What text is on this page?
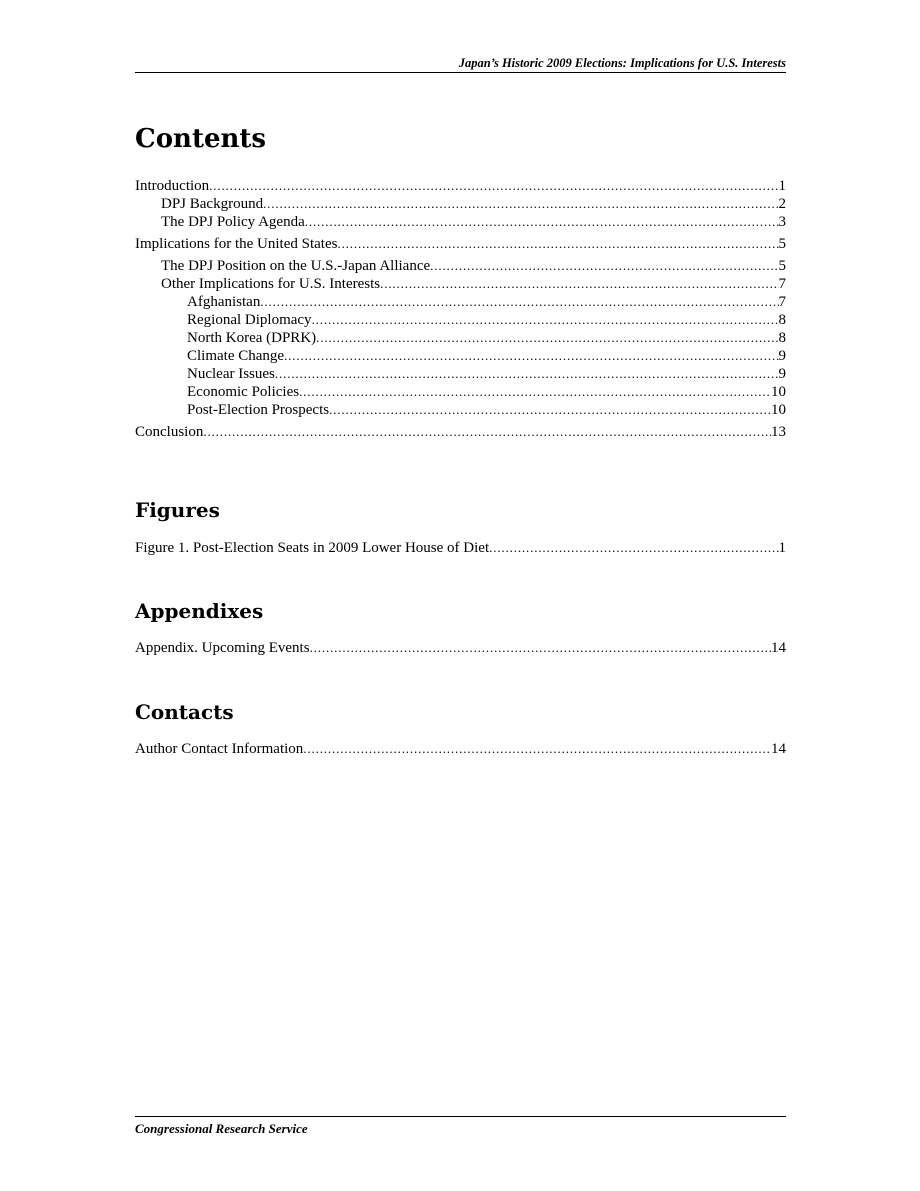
Japan’s Historic 2009 Elections: Implications for U.S. Interests
Contents
Introduction . . .	1
DPJ Background . . .	2
The DPJ Policy Agenda . . .	3
Implications for the United States . . .	5
The DPJ Position on the U.S.-Japan Alliance . . .	5
Other Implications for U.S. Interests . . .	7
Afghanistan . . .	7
Regional Diplomacy . . .	8
North Korea (DPRK) . . .	8
Climate Change . . .	9
Nuclear Issues . . .	9
Economic Policies . . .	10
Post-Election Prospects . . .	10
Conclusion . . .	13
Figures
Figure 1. Post-Election Seats in 2009 Lower House of Diet . . .	1
Appendixes
Appendix. Upcoming Events . . .	14
Contacts
Author Contact Information . . .	14
Congressional Research Service
